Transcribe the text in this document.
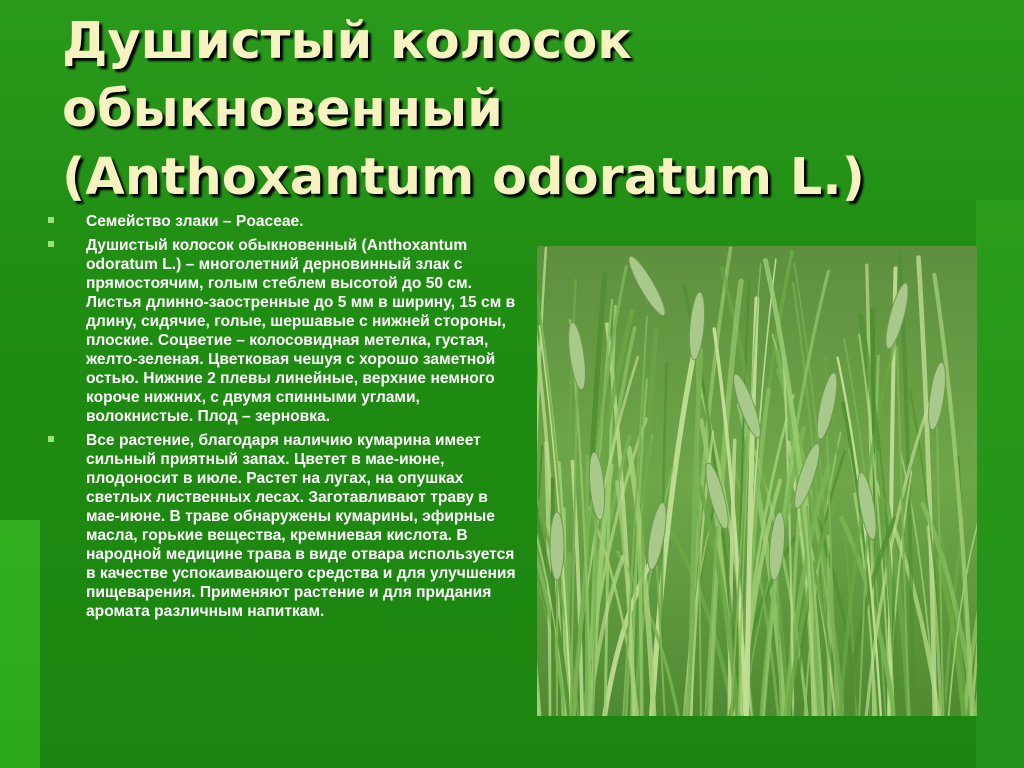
Душистый колосок
обыкновенный
(Anthoxantum odoratum L.)
Семейство злаки – Poaceae.
Душистый колосок обыкновенный (Anthoxantum odoratum L.) – многолетний дерновинный злак с прямостоячим, голым стеблем высотой до 50 см. Листья длинно-заостренные до 5 мм в ширину, 15 см в длину, сидячие, голые, шершавые с нижней стороны, плоские. Соцветие – колосовидная метелка, густая, желто-зеленая. Цветковая чешуя с хорошо заметной остью. Нижние 2 плевы линейные, верхние немного короче нижних, с двумя спинными углами, волокнистые. Плод – зерновка.
Все растение, благодаря наличию кумарина имеет сильный приятный запах. Цветет в мае-июне, плодоносит в июле. Растет на лугах, на опушках светлых лиственных лесах. Заготавливают траву в мае-июне. В траве обнаружены кумарины, эфирные масла, горькие вещества, кремниевая кислота. В народной медицине трава в виде отвара используется в качестве успокаивающего средства и для улучшения пищеварения. Применяют растение и для придания аромата различным напиткам.
